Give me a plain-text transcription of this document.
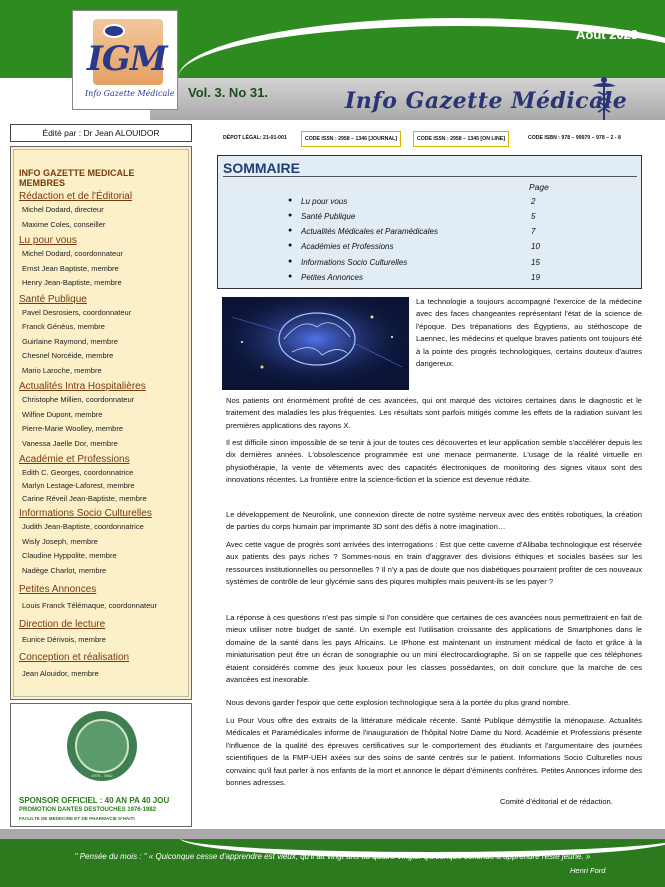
IGM
Info Gazette Médicale
Aout 2023
Vol. 3. No 31.	Info Gazette Médicale
Édité par : Dr Jean ALOUIDOR
INFO GAZETTE MEDICALE
MEMBRES
Rédaction et de l'Éditorial
Michel Dodard, directeur
Maxime Coles, conseiller
Lu pour vous
Michel Dodard, coordonnateur
Ernst Jean Baptiste, membre
Henry Jean-Baptiste, membre
Santé Publique
Pavel Desrosiers, coordonnateur
Franck Généus, membre
Guirlaine Raymond, membre
Chesnel Norcéide, membre
Mario Laroche, membre
Actualités Intra Hospitalières
Christophe Millien, coordonnateur
Wilfine Dupont, membre
Pierre-Marie Woolley, membre
Vanessa Jaelle Dor, membre
Académie et Professions
Edith C. Georges, coordonnatrice
Marlyn Lestage-Laforest, membre
Carine Réveil Jean-Baptiste, membre
Informations Socio Culturelles
Judith Jean-Baptiste, coordonnatrice
Wisly Joseph, membre
Claudine Hyppolite, membre
Nadège Charlot, membre
Petites Annonces
Louis Franck Télémaque, coordonnateur
Direction de lecture
Eunice Dérivois, membre
Conception et réalisation
Jean Alouidor, membre
1976 - 1982
SPONSOR OFFICIEL : 40 AN PA 40 JOU
PROMOTION DANTES DESTOUCHES 1976-1982
FACULTE DE MEDECINE ET DE PHARMACIE D'HAITI
DÉPOT LÉGAL: 21-01-001	CODE ISSN : 2958 – 1346 [JOURNAL]	CODE ISSN : 2958 – 1345 [ON LINE]	CODE ISBN : 978 – 99970 – 978 – 2 - 8
SOMMAIRE
Page
● Lu pour vous	2
● Santé Publique	5
● Actualités Médicales et Paramédicales	7
● Académies et Professions	10
● Informations Socio Culturelles	15
● Petites Annonces	19
La technologie a toujours accompagné l'exercice de la médecine avec des faces changeantes représentant l'état de la science de l'époque. Des trépanations des Égyptiens, au stéthoscope de Laennec, les médecins et quelque braves patients ont toujours été à la pointe des progrès technologiques, certains douteux d'autres dangereux.
Nos patients ont énormément profité de ces avancées, qui ont marqué des victoires certaines dans le diagnostic et le traitement des maladies les plus fréquentes. Les résultats sont parfois mitigés comme les effets de la radiation suivant les premières applications des rayons X.
Il est difficile sinon impossible de se tenir à jour de toutes ces découvertes et leur application semble s'accélérer depuis les dix dernières années. L'obsolescence programmée est une menace permanente. L'usage de la réalité virtuelle en physiothérapie, la vente de vêtements avec des capacités électroniques de monitoring des signes vitaux sont des innovations récentes. La frontière entre la science-fiction et la science est devenue réduite.
Le développement de Neurolink, une connexion directe de notre système nerveux avec des entités robotiques, la création de parties du corps humain par imprimante 3D sont des défis à notre imagination…
Avec cette vague de progrès sont arrivées des interrogations : Est que cette caverne d'Alibaba technologique est réservée aux patients des pays riches ? Sommes-nous en train d'aggraver des divisions éthiques et sociales basées sur les ressources institutionnelles ou personnelles ? Il n'y a pas de doute que nos diabétiques pourraient profiter de ces nouveaux systèmes de contrôle de leur glycémie sans des piqures multiples mais peuvent-ils se les payer ?
La réponse à ces questions n'est pas simple si l'on considère que certaines de ces avancées nous permettraient en fait de mieux utiliser notre budget de santé. Un exemple est l'utilisation croissante des applications de Smartphones dans le domaine de la santé dans les pays Africains. Le IPhone est maintenant un instrument médical de facto et grâce à la miniaturisation peut être un écran de sonographie ou un mini électrocardiographe. Si on se rappelle que ces téléphones étaient considérés comme des jeux luxueux pour les classes possédantes, on doit conclure que la marche de ces avancées est inexorable.
Nous devons garder l'espoir que cette explosion technologique sera à la portée du plus grand nombre.
Lu Pour Vous offre des extraits de la littérature médicale récente. Santé Publique démystifie la ménopause. Actualités Médicales et Paramédicales informe de l'inauguration de l'hôpital Notre Dame du Nord. Académie et Professions présente l'influence de la qualité des épreuves certificatives sur le comportement des étudiants et l'argumentaire des journées scientifiques de la FMP-UEH axées sur des soins de santé centrés sur le patient. Informations Socio Culturelles nous convainc qu'il faut parler à nos enfants de la mort et annonce le départ d'éminents confrères. Petites Annonces informe des bonnes adresses.
Comité d'éditorial et de rédaction.
" Pensée du mois : " « Quiconque cesse d'apprendre est vieux, qu'il ait vingt ans ou quatre-vingts. Quiconque continue à apprendre reste jeune. »
Henri Ford
